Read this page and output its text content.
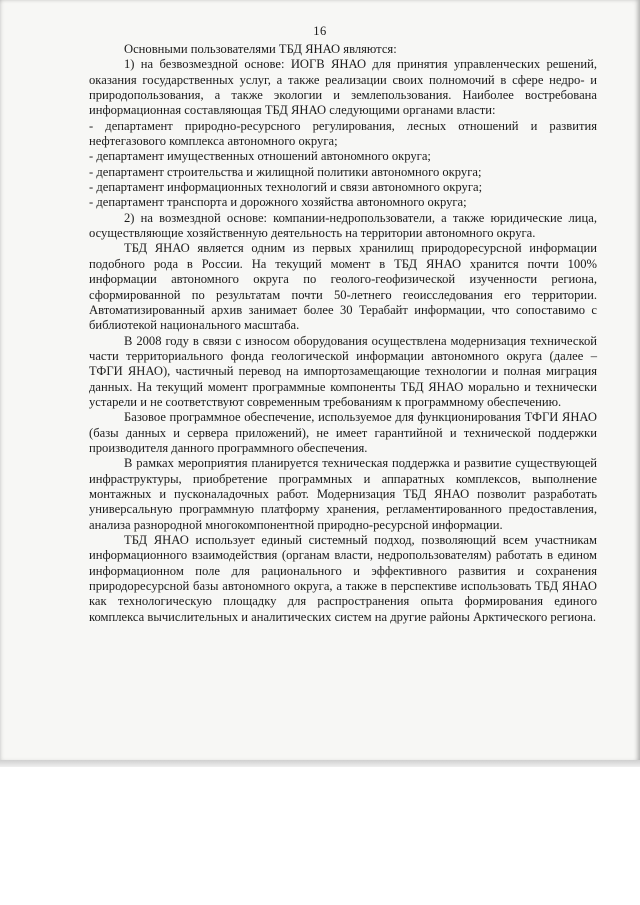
16

Основными пользователями ТБД ЯНАО являются:

1) на безвозмездной основе: ИОГВ ЯНАО для принятия управленческих решений, оказания государственных услуг, а также реализации своих полномочий в сфере недро- и природопользования, а также экологии и землепользования. Наиболее востребована информационная составляющая ТБД ЯНАО следующими органами власти:

- департамент природно-ресурсного регулирования, лесных отношений и развития нефтегазового комплекса автономного округа;

- департамент имущественных отношений автономного округа;

- департамент строительства и жилищной политики автономного округа;

- департамент информационных технологий и связи автономного округа;

- департамент транспорта и дорожного хозяйства автономного округа;

2) на возмездной основе: компании-недропользователи, а также юридические лица, осуществляющие хозяйственную деятельность на территории автономного округа.

ТБД ЯНАО является одним из первых хранилищ природоресурсной информации подобного рода в России. На текущий момент в ТБД ЯНАО хранится почти 100% информации автономного округа по геолого-геофизической изученности региона, сформированной по результатам почти 50-летнего геоисследования его территории. Автоматизированный архив занимает более 30 Терабайт информации, что сопоставимо с библиотекой национального масштаба.

В 2008 году в связи с износом оборудования осуществлена модернизация технической части территориального фонда геологической информации автономного округа (далее – ТФГИ ЯНАО), частичный перевод на импортозамещающие технологии и полная миграция данных. На текущий момент программные компоненты ТБД ЯНАО морально и технически устарели и не соответствуют современным требованиям к программному обеспечению.

Базовое программное обеспечение, используемое для функционирования ТФГИ ЯНАО (базы данных и сервера приложений), не имеет гарантийной и технической поддержки производителя данного программного обеспечения.

В рамках мероприятия планируется техническая поддержка и развитие существующей инфраструктуры, приобретение программных и аппаратных комплексов, выполнение монтажных и пусконаладочных работ. Модернизация ТБД ЯНАО позволит разработать универсальную программную платформу хранения, регламентированного предоставления, анализа разнородной многокомпонентной природно-ресурсной информации.

ТБД ЯНАО использует единый системный подход, позволяющий всем участникам информационного взаимодействия (органам власти, недропользователям) работать в едином информационном поле для рационального и эффективного развития и сохранения природоресурсной базы автономного округа, а также в перспективе использовать ТБД ЯНАО как технологическую площадку для распространения опыта формирования единого комплекса вычислительных и аналитических систем на другие районы Арктического региона.
